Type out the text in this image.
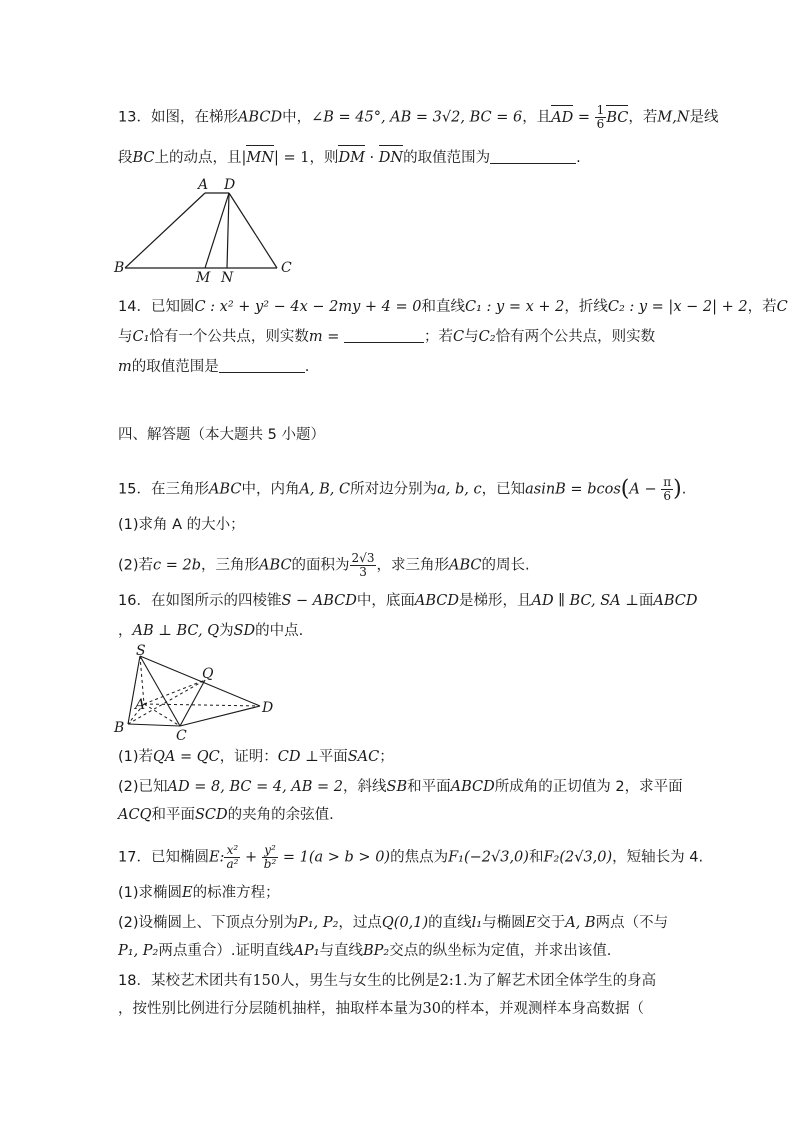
13．如图，在梯形ABCD中，∠B = 45°, AB = 3√2, BC = 6，且AD = $\frac{1}{6}$ BC，若M,N是线
段BC上的动点，且|MN| = 1，则DM · DN的取值范围为	.
A D
B
M N
C
14．已知圆C : x² + y² − 4x − 2my + 4 = 0和直线C₁ : y = x + 2，折线C₂ : y = |x − 2| + 2，若C
与C₁恰有一个公共点，则实数m =	；若C与C₂恰有两个公共点，则实数
m的取值范围是	.
四、解答题（本大题共 5 小题）
15．在三角形ABC中，内角A, B, C所对边分别为a, b, c，已知$asinB = bcos(A - \frac{\pi}{6}$ ).
(1)求角 A 的大小；
(2)若c = 2b，三角形ABC的面积为 $\frac{2√3}{3}$ ，求三角形ABC的周长.
16．在如图所示的四棱锥S − ABCD中，底面ABCD是梯形，且AD ∥ BC, SA ⊥面ABCD
，AB ⊥ BC, Q为SD的中点.
S
Q
A
B	C
D
(1)若QA = QC，证明：CD ⊥平面SAC；
(2)已知AD = 8, BC = 4, AB = 2，斜线SB和平面ABCD所成角的正切值为 2，求平面
ACQ和平面SCD的夹角的余弦值.
17．已知椭圆E: $\frac{\text{x²}}{\text{a²}} + \frac{\text{y²}}{\text{b²}} = 1(a > b > 0)$的焦点为F₁(−2√3,0)和F₂(2√3,0)，短轴长为 4.
(1)求椭圆E的标准方程；
(2)设椭圆上、下顶点分别为P₁, P₂，过点Q(0,1)的直线l₁与椭圆E交于A, B两点（不与
P₁, P₂两点重合）.证明直线AP₁与直线BP₂交点的纵坐标为定值，并求出该值.
18．某校艺术团共有150人，男生与女生的比例是2:1.为了解艺术团全体学生的身高
，按性别比例进行分层随机抽样，抽取样本量为30的样本，并观测样本身高数据（
